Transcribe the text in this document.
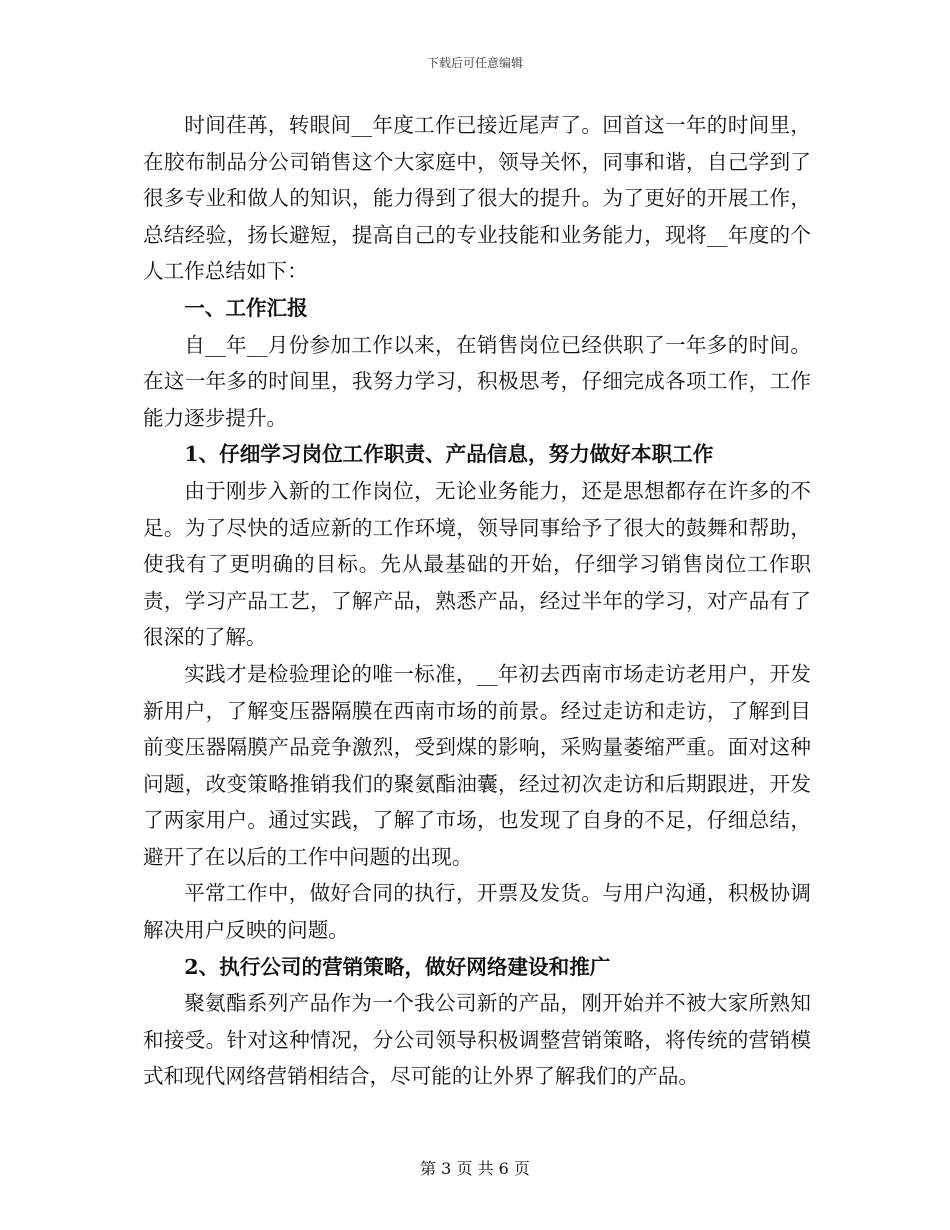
下载后可任意编辑

时间荏苒，转眼间__年度工作已接近尾声了。回首这一年的时间里，在胶布制品分公司销售这个大家庭中，领导关怀，同事和谐，自己学到了很多专业和做人的知识，能力得到了很大的提升。为了更好的开展工作，总结经验，扬长避短，提高自己的专业技能和业务能力，现将__年度的个人工作总结如下：

一、工作汇报

自__年__月份参加工作以来，在销售岗位已经供职了一年多的时间。在这一年多的时间里，我努力学习，积极思考，仔细完成各项工作，工作能力逐步提升。

1、仔细学习岗位工作职责、产品信息，努力做好本职工作

由于刚步入新的工作岗位，无论业务能力，还是思想都存在许多的不足。为了尽快的适应新的工作环境，领导同事给予了很大的鼓舞和帮助，使我有了更明确的目标。先从最基础的开始，仔细学习销售岗位工作职责，学习产品工艺，了解产品，熟悉产品，经过半年的学习，对产品有了很深的了解。

实践才是检验理论的唯一标准，__年初去西南市场走访老用户，开发新用户，了解变压器隔膜在西南市场的前景。经过走访和走访，了解到目前变压器隔膜产品竞争激烈，受到煤的影响，采购量萎缩严重。面对这种问题，改变策略推销我们的聚氨酯油囊，经过初次走访和后期跟进，开发了两家用户。通过实践，了解了市场，也发现了自身的不足，仔细总结，避开了在以后的工作中问题的出现。

平常工作中，做好合同的执行，开票及发货。与用户沟通，积极协调解决用户反映的问题。

2、执行公司的营销策略，做好网络建设和推广

聚氨酯系列产品作为一个我公司新的产品，刚开始并不被大家所熟知和接受。针对这种情况，分公司领导积极调整营销策略，将传统的营销模式和现代网络营销相结合，尽可能的让外界了解我们的产品。

第 3 页 共 6 页
